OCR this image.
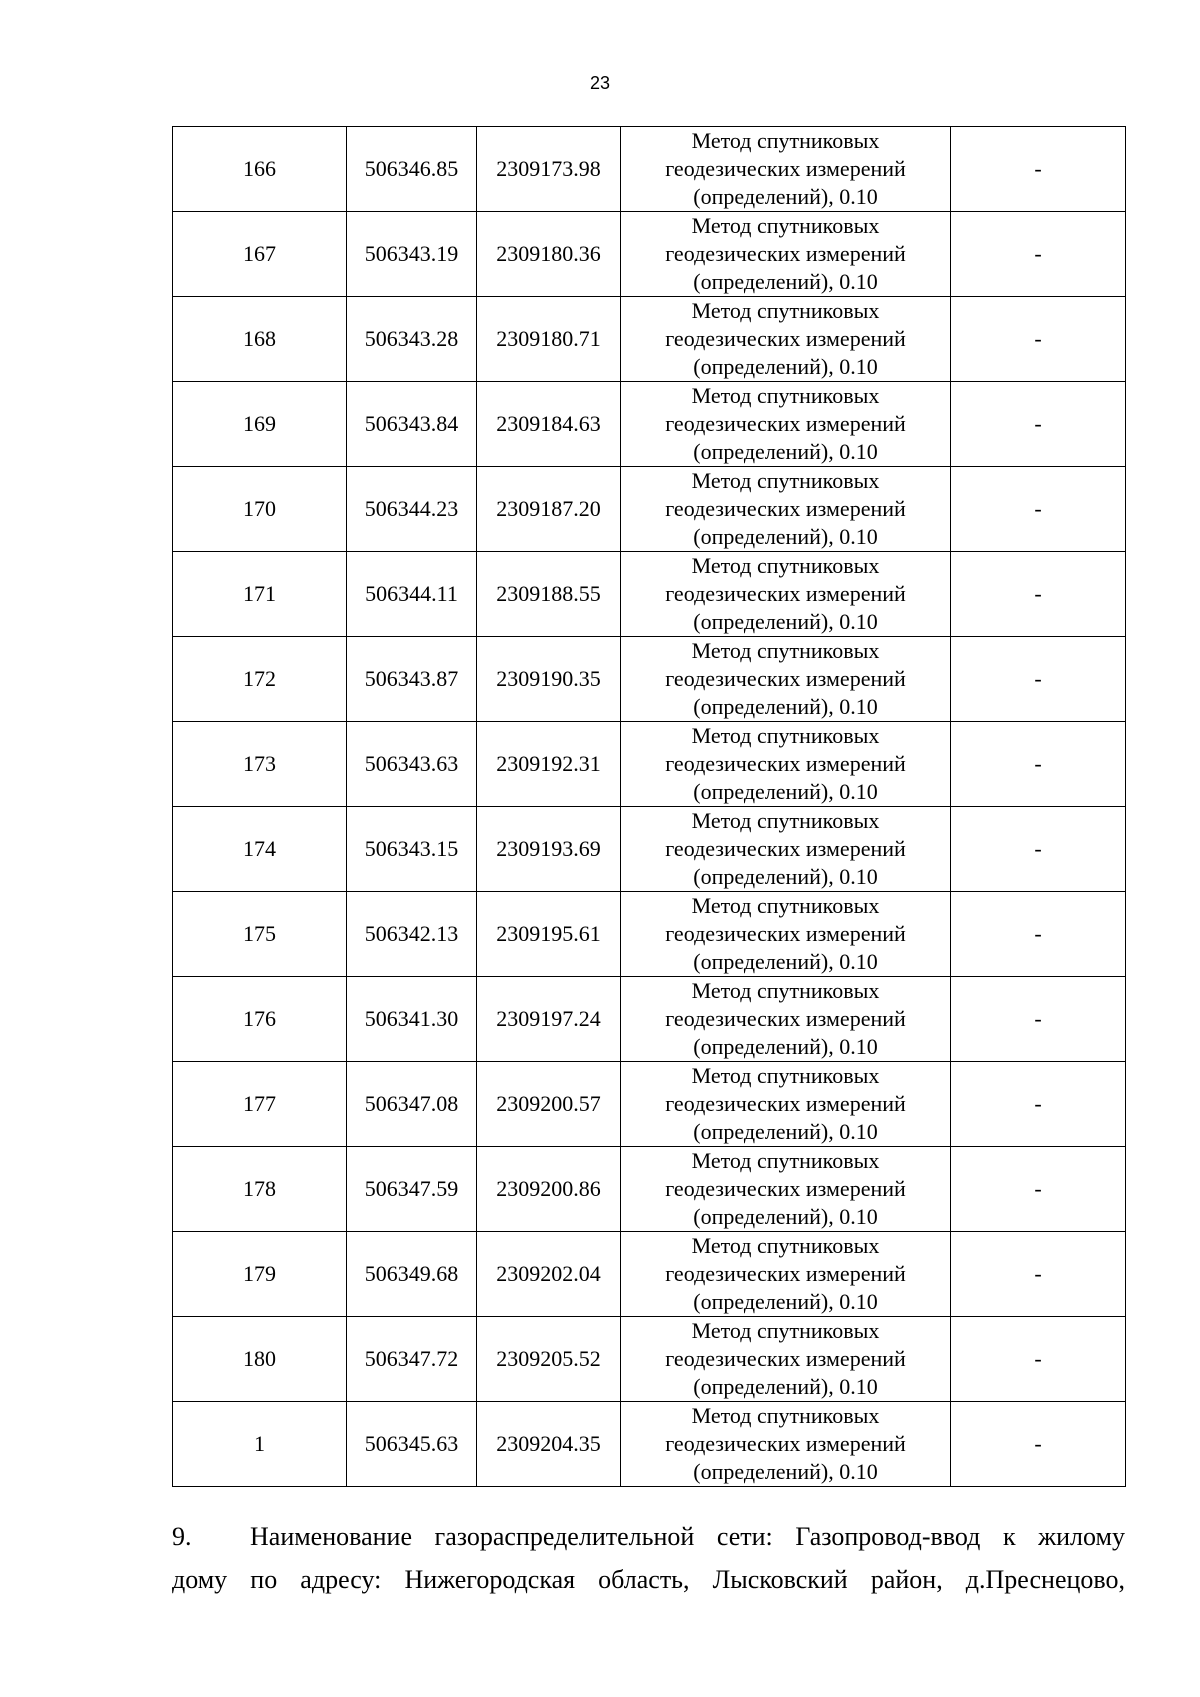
23
166	506346.85	2309173.98	Метод спутниковых
геодезических измерений
(определений), 0.10	-
167	506343.19	2309180.36	Метод спутниковых
геодезических измерений
(определений), 0.10	-
168	506343.28	2309180.71	Метод спутниковых
геодезических измерений
(определений), 0.10	-
169	506343.84	2309184.63	Метод спутниковых
геодезических измерений
(определений), 0.10	-
170	506344.23	2309187.20	Метод спутниковых
геодезических измерений
(определений), 0.10	-
171	506344.11	2309188.55	Метод спутниковых
геодезических измерений
(определений), 0.10	-
172	506343.87	2309190.35	Метод спутниковых
геодезических измерений
(определений), 0.10	-
173	506343.63	2309192.31	Метод спутниковых
геодезических измерений
(определений), 0.10	-
174	506343.15	2309193.69	Метод спутниковых
геодезических измерений
(определений), 0.10	-
175	506342.13	2309195.61	Метод спутниковых
геодезических измерений
(определений), 0.10	-
176	506341.30	2309197.24	Метод спутниковых
геодезических измерений
(определений), 0.10	-
177	506347.08	2309200.57	Метод спутниковых
геодезических измерений
(определений), 0.10	-
178	506347.59	2309200.86	Метод спутниковых
геодезических измерений
(определений), 0.10	-
179	506349.68	2309202.04	Метод спутниковых
геодезических измерений
(определений), 0.10	-
180	506347.72	2309205.52	Метод спутниковых
геодезических измерений
(определений), 0.10	-
1	506345.63	2309204.35	Метод спутниковых
геодезических измерений
(определений), 0.10	-

9. Наименование газораспределительной сети: Газопровод-ввод к жилому
дому по адресу: Нижегородская область, Лысковский район, д.Преснецово,
